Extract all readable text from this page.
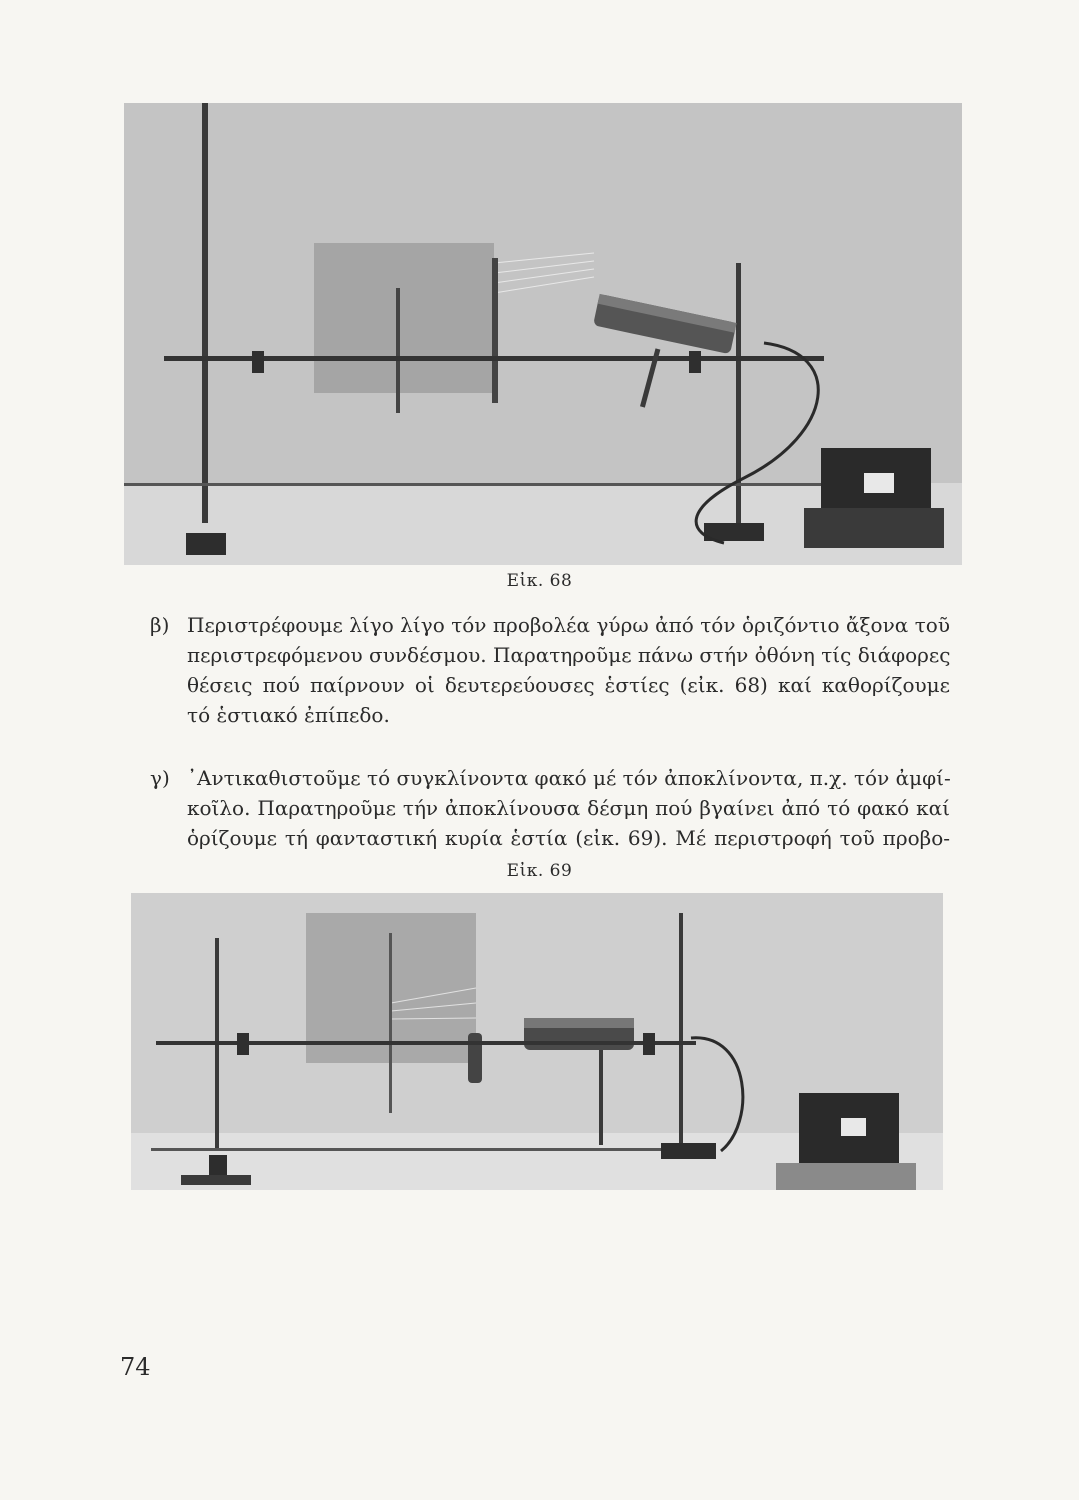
Εἰκ. 68
β) Περιστρέφουμε λίγο λίγο τόν προβολέα γύρω ἀπό τόν ὁριζόντιο ἄξονα τοῦ
περιστρεφόμενου συνδέσμου. Παρατηροῦμε πάνω στήν ὀθόνη τίς διάφορες
θέσεις πού παίρνουν οἱ δευτερεύουσες ἑστίες (εἰκ. 68) καί καθορίζουμε
τό ἑστιακό ἐπίπεδο.
γ) ᾿Αντικαθιστοῦμε τό συγκλίνοντα φακό μέ τόν ἀποκλίνοντα, π.χ. τόν ἀμφί-
κοῖλο. Παρατηροῦμε τήν ἀποκλίνουσα δέσμη πού βγαίνει ἀπό τό φακό καί
ὁρίζουμε τή φανταστική κυρία ἑστία (εἰκ. 69). Μέ περιστροφή τοῦ προβο-
Εἰκ. 69
74
